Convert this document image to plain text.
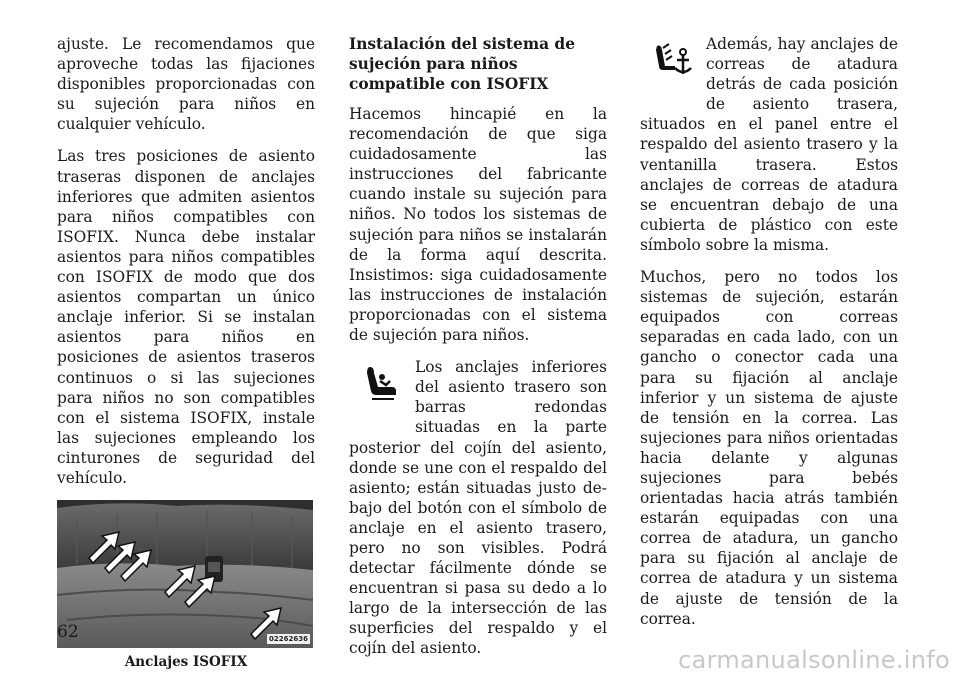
ajuste. Le recomendamos que aproveche todas las fijaciones disponibles proporcionadas con su sujeción para niños en cualquier vehículo.

Las tres posiciones de asiento traseras disponen de anclajes inferiores que admiten asientos para niños compatibles con ISOFIX. Nunca debe instalar asientos para niños compatibles con ISOFIX de modo que dos asientos compartan un único anclaje inferior. Si se instalan asientos para niños en posiciones de asientos traseros continuos o si las sujeciones para niños no son compatibles con el sistema ISOFIX, instale las sujeciones empleando los cinturones de seguridad del vehículo.

02262636
Anclajes ISOFIX
Instalación del sistema de sujeción para niños compatible con ISOFIX

Hacemos hincapié en la recomendación de que siga cuidadosamente las instrucciones del fabricante cuando instale su sujeción para niños. No todos los sistemas de sujeción para niños se instalarán de la forma aquí descrita. Insistimos: siga cuidadosamente las instrucciones de instalación proporcionadas con el sistema de sujeción para niños.

Los anclajes inferiores del asiento trasero son barras redondas situadas en la parte posterior del cojín del asiento, donde se une con el respaldo del asiento; están situadas justo debajo del botón con el símbolo de anclaje en el asiento trasero, pero no son visibles. Podrá detectar fácilmente dónde se encuentran si pasa su dedo a lo largo de la intersección de las superficies del respaldo y el cojín del asiento.

Además, hay anclajes de correas de atadura detrás de cada posición de asiento trasera, situados en el panel entre el respaldo del asiento trasero y la ventanilla trasera. Estos anclajes de correas de atadura se encuentran debajo de una cubierta de plástico con este símbolo sobre la misma.

Muchos, pero no todos los sistemas de sujeción, estarán equipados con correas separadas en cada lado, con un gancho o conector cada una para su fijación al anclaje inferior y un sistema de ajuste de tensión en la correa. Las sujeciones para niños orientadas hacia delante y algunas sujeciones para bebés orientadas hacia atrás también estarán equipadas con una correa de atadura, un gancho para su fijación al anclaje de correa de atadura y un sistema de ajuste de tensión de la correa.

62
carmanualsonline.info
